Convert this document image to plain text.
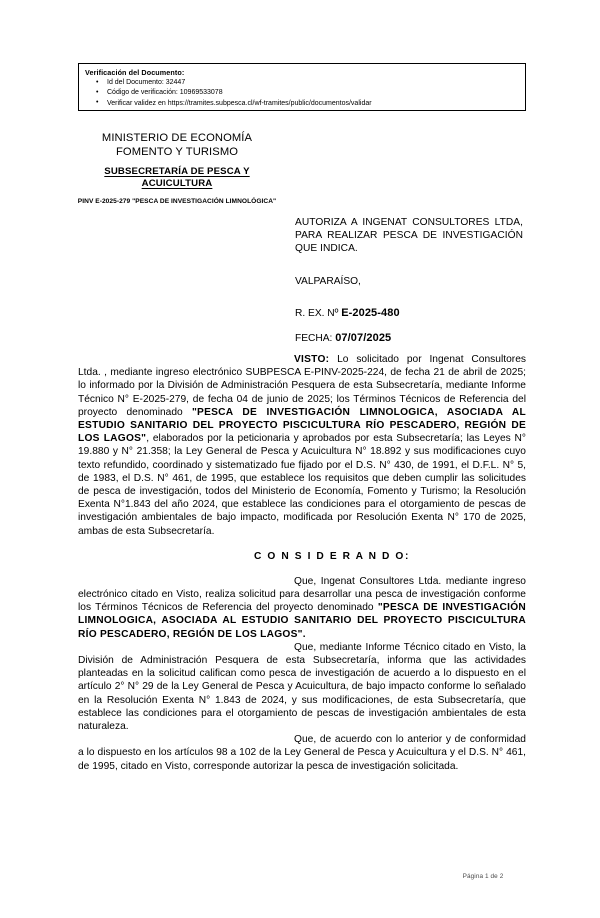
Verificación del Documento:
• Id del Documento: 32447
• Código de verificación: 10969533078
• Verificar validez en https://tramites.subpesca.cl/wf-tramites/public/documentos/validar
MINISTERIO DE ECONOMÍA
FOMENTO Y TURISMO
SUBSECRETARÍA DE PESCA Y
ACUICULTURA
PINV E-2025-279 "PESCA DE INVESTIGACIÓN LIMNOLÓGICA"
AUTORIZA A INGENAT CONSULTORES LTDA, PARA REALIZAR PESCA DE INVESTIGACIÓN QUE INDICA.
VALPARAÍSO,
R. EX. Nº E-2025-480
FECHA: 07/07/2025

VISTO: Lo solicitado por Ingenat Consultores Ltda. , mediante ingreso electrónico SUBPESCA E-PINV-2025-224, de fecha 21 de abril de 2025; lo informado por la División de Administración Pesquera de esta Subsecretaría, mediante Informe Técnico N° E-2025-279, de fecha 04 de junio de 2025; los Términos Técnicos de Referencia del proyecto denominado "PESCA DE INVESTIGACIÓN LIMNOLOGICA, ASOCIADA AL ESTUDIO SANITARIO DEL PROYECTO PISCICULTURA RÍO PESCADERO, REGIÓN DE LOS LAGOS", elaborados por la peticionaria y aprobados por esta Subsecretaría; las Leyes N° 19.880 y N° 21.358; la Ley General de Pesca y Acuicultura N° 18.892 y sus modificaciones cuyo texto refundido, coordinado y sistematizado fue fijado por el D.S. N° 430, de 1991, el D.F.L. N° 5, de 1983, el D.S. N° 461, de 1995, que establece los requisitos que deben cumplir las solicitudes de pesca de investigación, todos del Ministerio de Economía, Fomento y Turismo; la Resolución Exenta N°1.843 del año 2024, que establece las condiciones para el otorgamiento de pescas de investigación ambientales de bajo impacto, modificada por Resolución Exenta N° 170 de 2025, ambas de esta Subsecretaría.

C O N S I D E R A N D O:

Que, Ingenat Consultores Ltda. mediante ingreso electrónico citado en Visto, realiza solicitud para desarrollar una pesca de investigación conforme los Términos Técnicos de Referencia del proyecto denominado "PESCA DE INVESTIGACIÓN LIMNOLOGICA, ASOCIADA AL ESTUDIO SANITARIO DEL PROYECTO PISCICULTURA RÍO PESCADERO, REGIÓN DE LOS LAGOS".

Que, mediante Informe Técnico citado en Visto, la División de Administración Pesquera de esta Subsecretaría, informa que las actividades planteadas en la solicitud califican como pesca de investigación de acuerdo a lo dispuesto en el artículo 2° N° 29 de la Ley General de Pesca y Acuicultura, de bajo impacto conforme lo señalado en la Resolución Exenta N° 1.843 de 2024, y sus modificaciones, de esta Subsecretaría, que establece las condiciones para el otorgamiento de pescas de investigación ambientales de esta naturaleza.

Que, de acuerdo con lo anterior y de conformidad a lo dispuesto en los artículos 98 a 102 de la Ley General de Pesca y Acuicultura y el D.S. N° 461, de 1995, citado en Visto, corresponde autorizar la pesca de investigación solicitada.

Página 1 de 2
